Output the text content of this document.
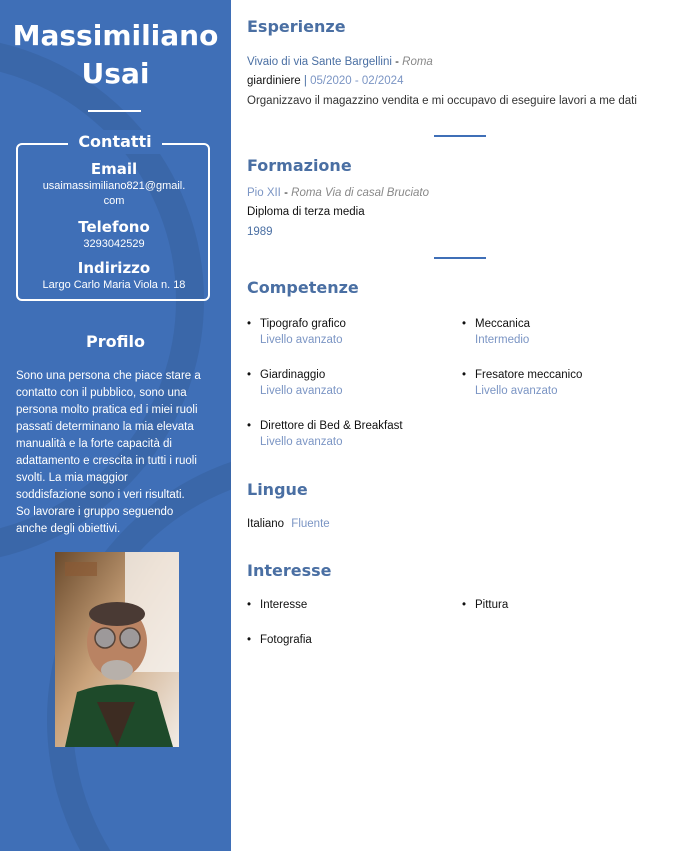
Massimiliano
Usai
Contatti
Email
usaimassimiliano821@gmail.
com
Telefono
3293042529
Indirizzo
Largo Carlo Maria Viola n. 18
Profilo
Sono una persona che piace stare a
contatto con il pubblico, sono una
persona molto pratica ed i miei ruoli
passati determinano la mia elevata
manualità e la forte capacità di
adattamento e crescita in tutti i ruoli
svolti. La mia maggior
soddisfazione sono i veri risultati.
So lavorare i gruppo seguendo
anche degli obiettivi.
Esperienze
Vivaio di via Sante Bargellini - Roma
giardiniere | 05/2020 - 02/2024
Organizzavo il magazzino vendita e mi occupavo di eseguire lavori a me dati
Formazione
Pio XII - Roma Via di casal Bruciato
Diploma di terza media
1989
Competenze
• Tipografo grafico
Livello avanzato
• Meccanica
Intermedio
• Giardinaggio
Livello avanzato
• Fresatore meccanico
Livello avanzato
• Direttore di Bed & Breakfast
Livello avanzato
Lingue
Italiano Fluente
Interesse
• Interesse	• Pittura
• Fotografia
